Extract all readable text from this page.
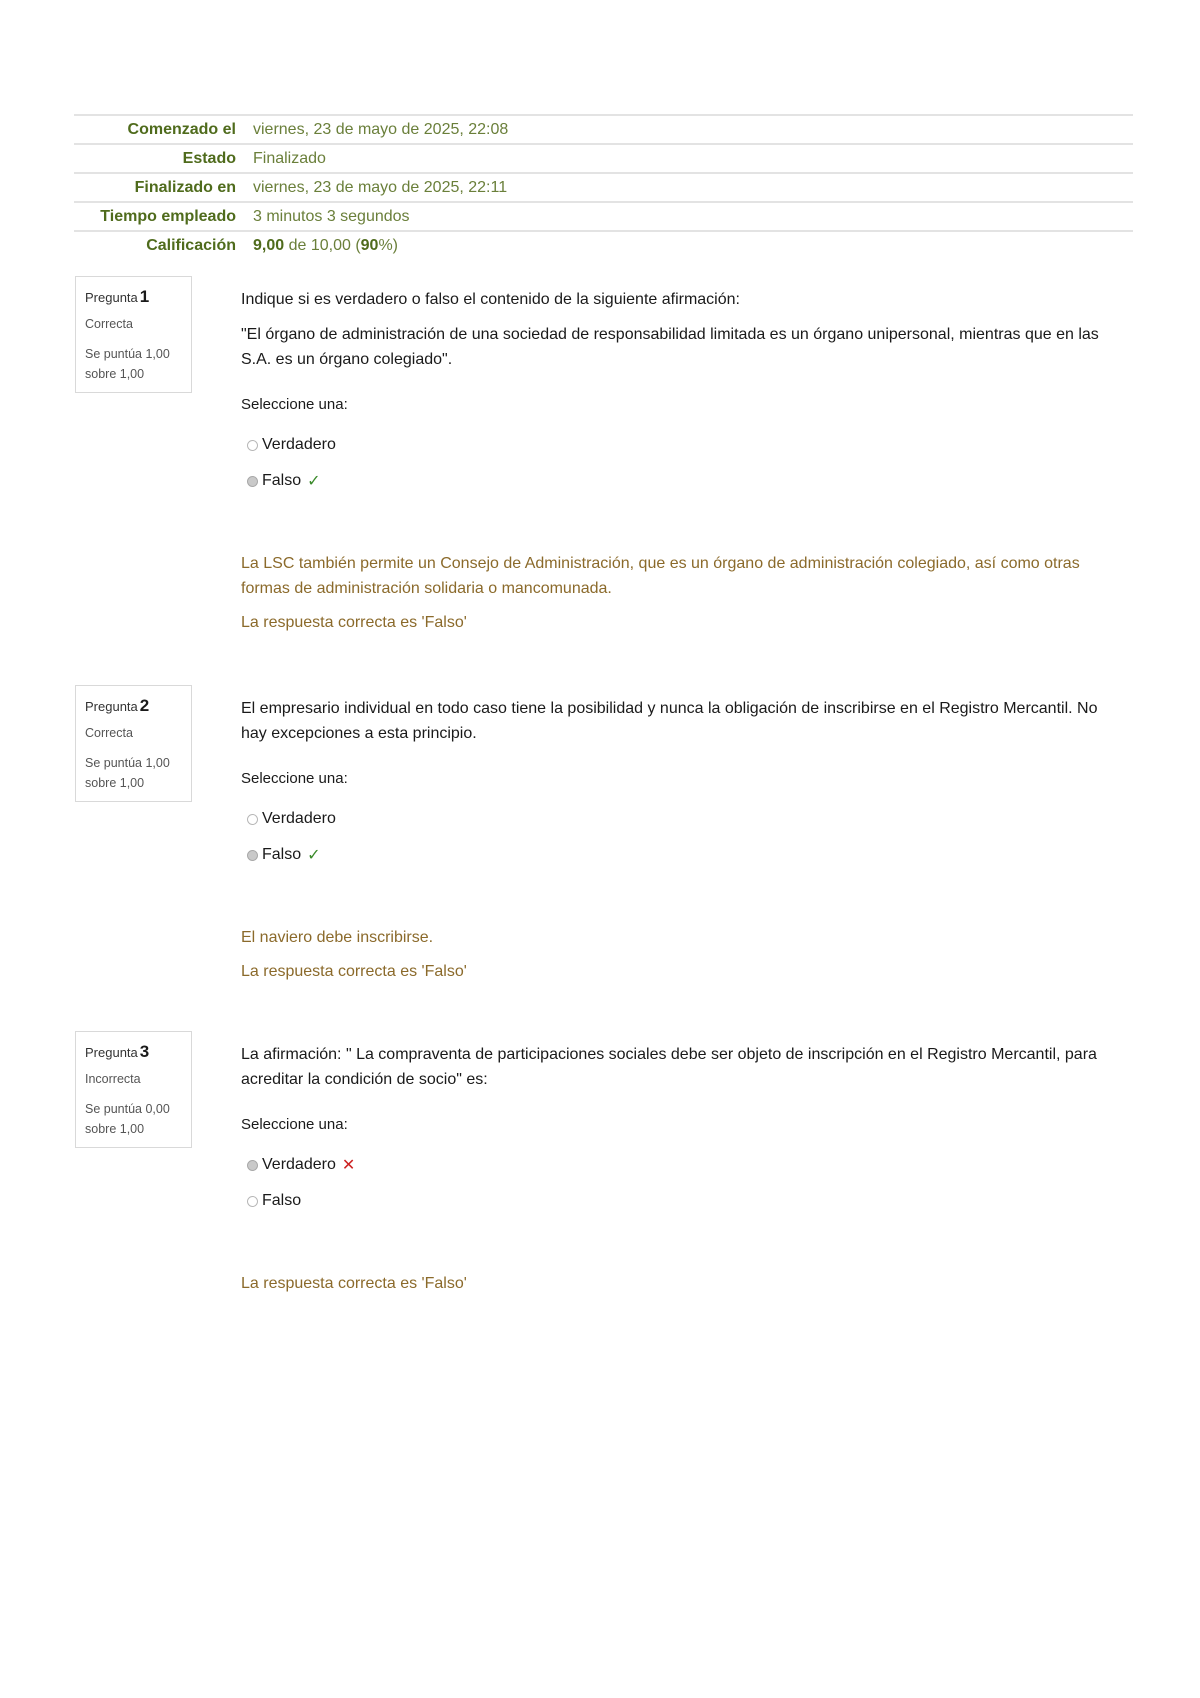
Comenzado el	viernes, 23 de mayo de 2025, 22:08
Estado	Finalizado
Finalizado en	viernes, 23 de mayo de 2025, 22:11
Tiempo empleado	3 minutos 3 segundos
Calificación	9,00 de 10,00 (90%)
Pregunta 1
Correcta
Se puntúa 1,00
sobre 1,00

Indique si es verdadero o falso el contenido de la siguiente afirmación:

"El órgano de administración de una sociedad de responsabilidad limitada es un órgano unipersonal, mientras que en las S.A. es un órgano colegiado".

Seleccione una:
Verdadero
Falso ✓

La LSC también permite un Consejo de Administración, que es un órgano de administración colegiado, así como otras formas de administración solidaria o mancomunada.

La respuesta correcta es 'Falso'

Pregunta 2
Correcta
Se puntúa 1,00
sobre 1,00

El empresario individual en todo caso tiene la posibilidad y nunca la obligación de inscribirse en el Registro Mercantil. No hay excepciones a esta principio.

Seleccione una:
Verdadero
Falso ✓

El naviero debe inscribirse.

La respuesta correcta es 'Falso'

Pregunta 3
Incorrecta
Se puntúa 0,00
sobre 1,00

La afirmación: " La compraventa de participaciones sociales debe ser objeto de inscripción en el Registro Mercantil, para acreditar la condición de socio" es:

Seleccione una:
Verdadero ✕
Falso

La respuesta correcta es 'Falso'
